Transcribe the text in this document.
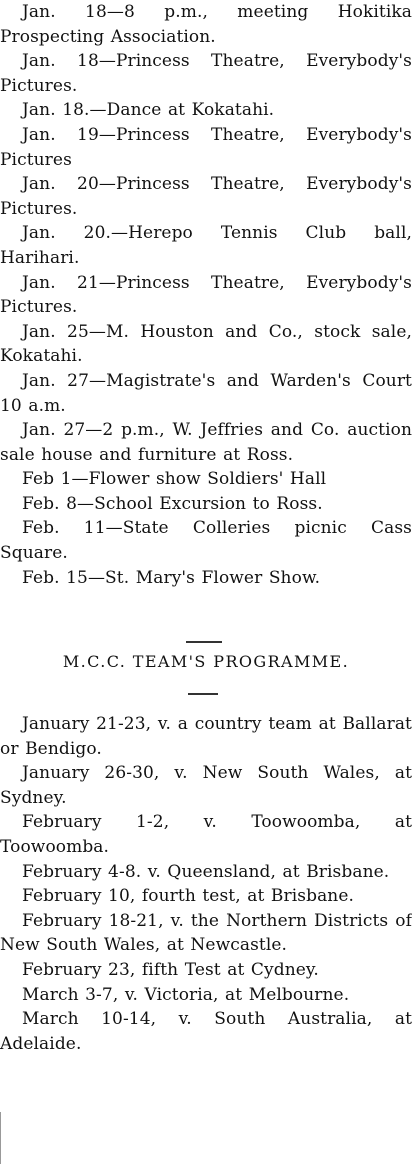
Jan. 18—8 p.m., meeting Hokitika Prospecting Association.

Jan. 18—Princess Theatre, Everybody's Pictures.

Jan. 18.—Dance at Kokatahi.

Jan. 19—Princess Theatre, Everybody's Pictures

Jan. 20—Princess Theatre, Everybody's Pictures.

Jan. 20.—Herepo Tennis Club ball, Harihari.

Jan. 21—Princess Theatre, Everybody's Pictures.

Jan. 25—M. Houston and Co., stock sale, Kokatahi.

Jan. 27—Magistrate's and Warden's Court 10 a.m.

Jan. 27—2 p.m., W. Jeffries and Co. auction sale house and furniture at Ross.

Feb 1—Flower show Soldiers' Hall

Feb. 8—School Excursion to Ross.

Feb. 11—State Colleries picnic Cass Square.

Feb. 15—St. Mary's Flower Show.

M.C.C. TEAM'S PROGRAMME.

January 21-23, v. a country team at Ballarat or Bendigo.

January 26-30, v. New South Wales, at Sydney.

February 1-2, v. Toowoomba, at Toowoomba.

February 4-8. v. Queensland, at Brisbane.

February 10, fourth test, at Brisbane.

February 18-21, v. the Northern Districts of New South Wales, at Newcastle.

February 23, fifth Test at Cydney.

March 3-7, v. Victoria, at Melbourne.

March 10-14, v. South Australia, at Adelaide.
